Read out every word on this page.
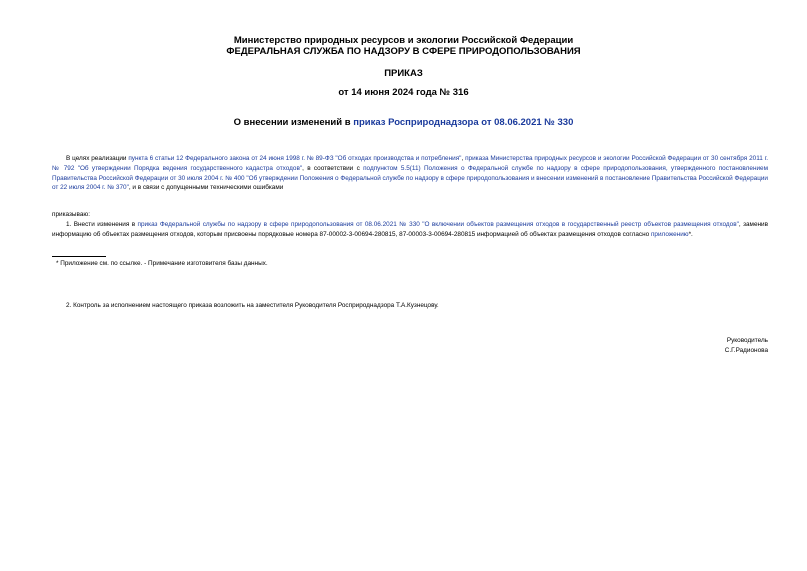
Министерство природных ресурсов и экологии Российской Федерации
ФЕДЕРАЛЬНАЯ СЛУЖБА ПО НАДЗОРУ В СФЕРЕ ПРИРОДОПОЛЬЗОВАНИЯ
ПРИКАЗ
от 14 июня 2024 года № 316
О внесении изменений в приказ Росприроднадзора от 08.06.2021 № 330
В целях реализации пункта 6 статьи 12 Федерального закона от 24 июня 1998 г. № 89-ФЗ "Об отходах производства и потребления", приказа Министерства природных ресурсов и экологии Российской Федерации от 30 сентября 2011 г. № 792 "Об утверждении Порядка ведения государственного кадастра отходов", в соответствии с подпунктом 5.5(11) Положения о Федеральной службе по надзору в сфере природопользования, утвержденного постановлением Правительства Российской Федерации от 30 июля 2004 г. № 400 "Об утверждении Положения о Федеральной службе по надзору в сфере природопользования и внесении изменений в постановление Правительства Российской Федерации от 22 июля 2004 г. № 370", и в связи с допущенными техническими ошибками
приказываю:
1. Внести изменения в приказ Федеральной службы по надзору в сфере природопользования от 08.06.2021 № 330 "О включении объектов размещения отходов в государственный реестр объектов размещения отходов", заменив информацию об объектах размещения отходов, которым присвоены порядковые номера 87-00002-3-00694-280815, 87-00003-3-00694-280815 информацией об объектах размещения отходов согласно приложению*.
* Приложение см. по ссылке. - Примечание изготовителя базы данных.
2. Контроль за исполнением настоящего приказа возложить на заместителя Руководителя Росприроднадзора Т.А.Кузнецову.
Руководитель
С.Г.Радионова
